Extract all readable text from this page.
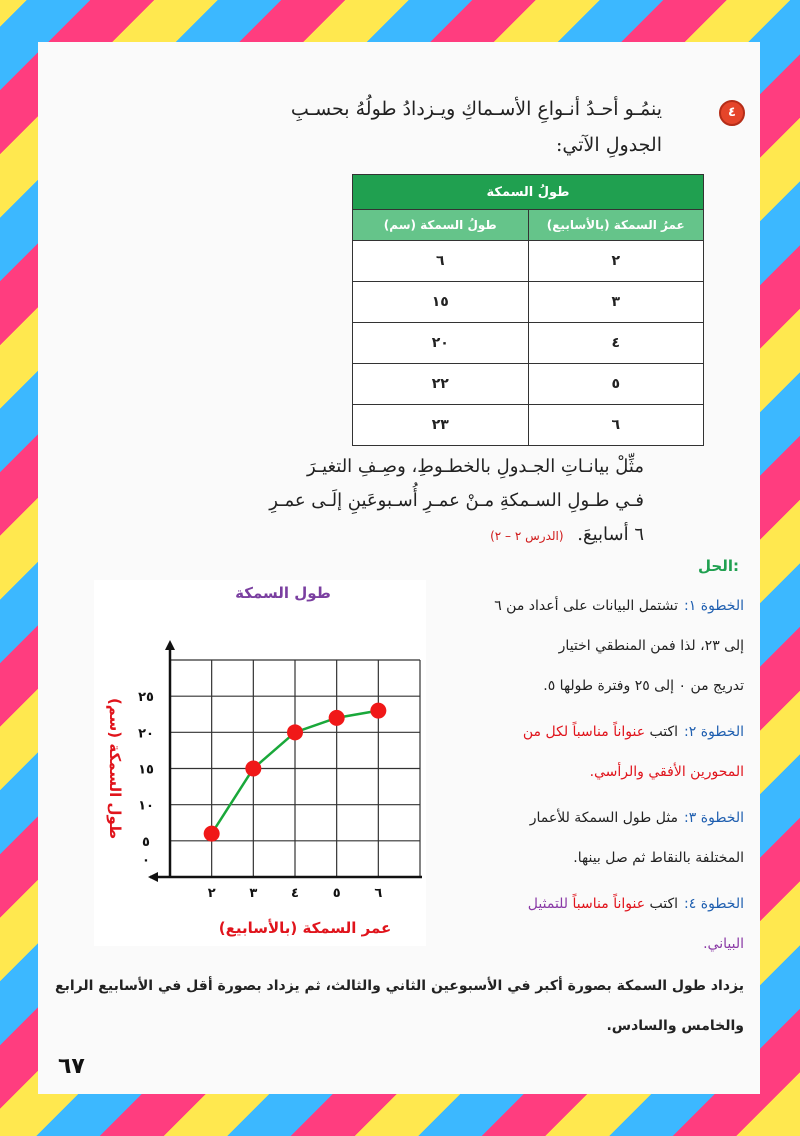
٤
ينمُـو أحـدُ أنـواعِ الأسـماكِ ويـزدادُ طولُهُ بحسـبِ
الجدولِ الآتي:
طولُ السمكة	
عمرُ السمكة (بالأسابيع)	طولُ السمكة (سم)
٢	٦
٣	١٥
٤	٢٠
٥	٢٢
٦	٢٣
مثِّلْ بيانـاتِ الجـدولِ بالخطـوطِ، وصِـفِ التغيـرَ
فـي طـولِ السـمكةِ مـنْ عمـرِ أُسـبوعَينِ إلَـى عمـرِ
٦ أسابيعَ. (الدرس ٢ – ٢)
الحل:
طول السمكة
٠
٥
١٠
١٥
٢٠
٢٥
٢	٣	٤	٥	٦
عمر السمكة (بالأسابيع)
طول السمكة (سم)
الخطوة ١:تشتمل البيانات على أعداد من ٦
إلى ٢٣، لذا فمن المنطقي اختيار
تدريج من ٠ إلى ٢٥ وفترة طولها ٥.
الخطوة ٢:اكتب عنواناً مناسباً لكل من
المحورين الأفقي والرأسي.
الخطوة ٣:مثل طول السمكة للأعمار
المختلفة بالنقاط ثم صل بينها.
الخطوة ٤:اكتب عنواناً مناسباً للتمثيل
البياني.
يزداد طول السمكة بصورة أكبر في الأسبوعين الثاني والثالث، ثم يزداد بصورة أقل في الأسابيع الرابع
والخامس والسادس.
٦٧
